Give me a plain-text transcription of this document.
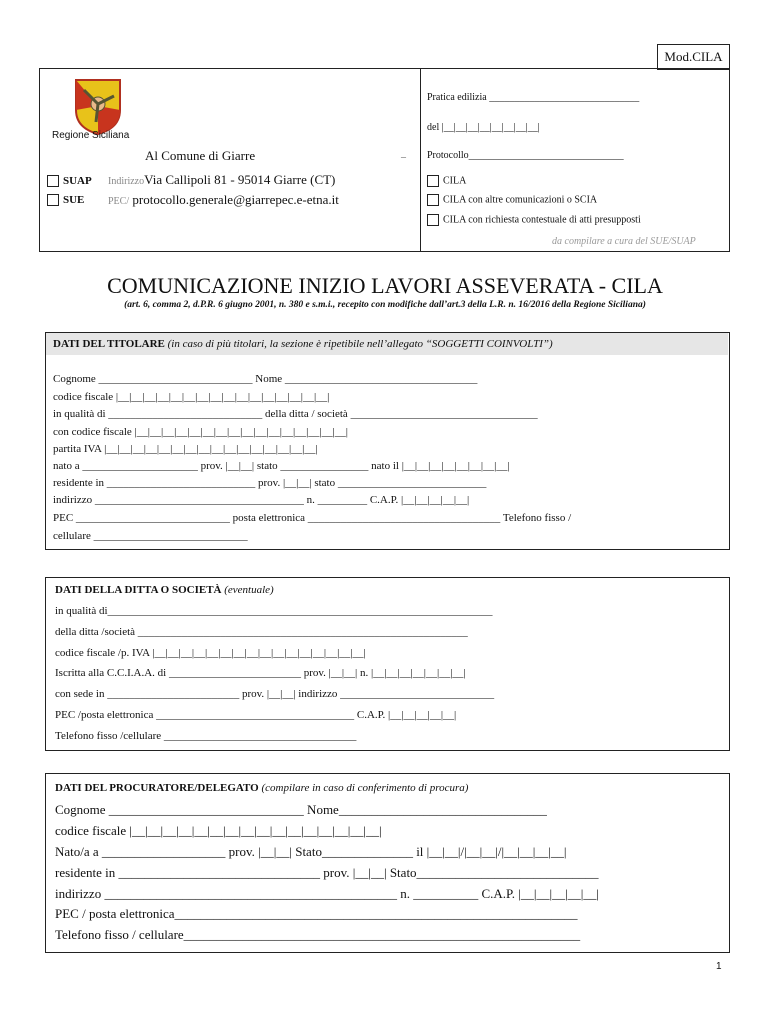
Mod.CILA
Regione Siciliana
Al Comune di Giarre	–
SUAP
SUE
IndirizzoVia Callipoli 81 - 95014 Giarre (CT)
PEC/ protocollo.generale@giarrepec.e-etna.it
Pratica edilizia ______________________________
del |__|__|__|__|__|__|__|__|
Protocollo_______________________________
CILA
CILA con altre comunicazioni o SCIA
CILA con richiesta contestuale di atti presupposti
da compilare a cura del SUE/SUAP
COMUNICAZIONE INIZIO LAVORI ASSEVERATA - CILA
(art. 6, comma 2, d.P.R. 6 giugno 2001, n. 380 e s.m.i., recepito con modifiche dall’art.3 della L.R. n. 16/2016 della Regione Siciliana)
DATI DEL TITOLARE (in caso di più titolari, la sezione è ripetibile nell’allegato “SOGGETTI COINVOLTI”)
Cognome ____________________________ Nome ___________________________________
codice fiscale |__|__|__|__|__|__|__|__|__|__|__|__|__|__|__|__|
in qualità di ____________________________ della ditta / società __________________________________
con codice fiscale |__|__|__|__|__|__|__|__|__|__|__|__|__|__|__|__|
partita IVA |__|__|__|__|__|__|__|__|__|__|__|__|__|__|__|__|
nato a _____________________ prov. |__|__| stato ________________ nato il |__|__|__|__|__|__|__|__|
residente in ___________________________ prov. |__|__| stato ___________________________
indirizzo ______________________________________ n. _________ C.A.P. |__|__|__|__|__|
PEC ____________________________ posta elettronica ___________________________________ Telefono fisso /
cellulare ____________________________
DATI DELLA DITTA O SOCIETÀ (eventuale)
in qualità di______________________________________________________________________
della ditta /società ____________________________________________________________
codice fiscale /p. IVA |__|__|__|__|__|__|__|__|__|__|__|__|__|__|__|__|
Iscritta alla C.C.I.A.A. di ________________________ prov. |__|__| n. |__|__|__|__|__|__|__|
con sede in ________________________ prov. |__|__| indirizzo ____________________________
PEC /posta elettronica ____________________________________ C.A.P. |__|__|__|__|__|
Telefono fisso /cellulare ___________________________________
DATI DEL PROCURATORE/DELEGATO (compilare in caso di conferimento di procura)
Cognome ______________________________ Nome________________________________
codice fiscale |__|__|__|__|__|__|__|__|__|__|__|__|__|__|__|__|
Nato/a a ___________________ prov. |__|__| Stato______________ il |__|__|/|__|__|/|__|__|__|__|
residente in _______________________________ prov. |__|__| Stato____________________________
indirizzo _____________________________________________ n. __________ C.A.P. |__|__|__|__|__|
PEC / posta elettronica______________________________________________________________
Telefono fisso / cellulare_____________________________________________________________
1
